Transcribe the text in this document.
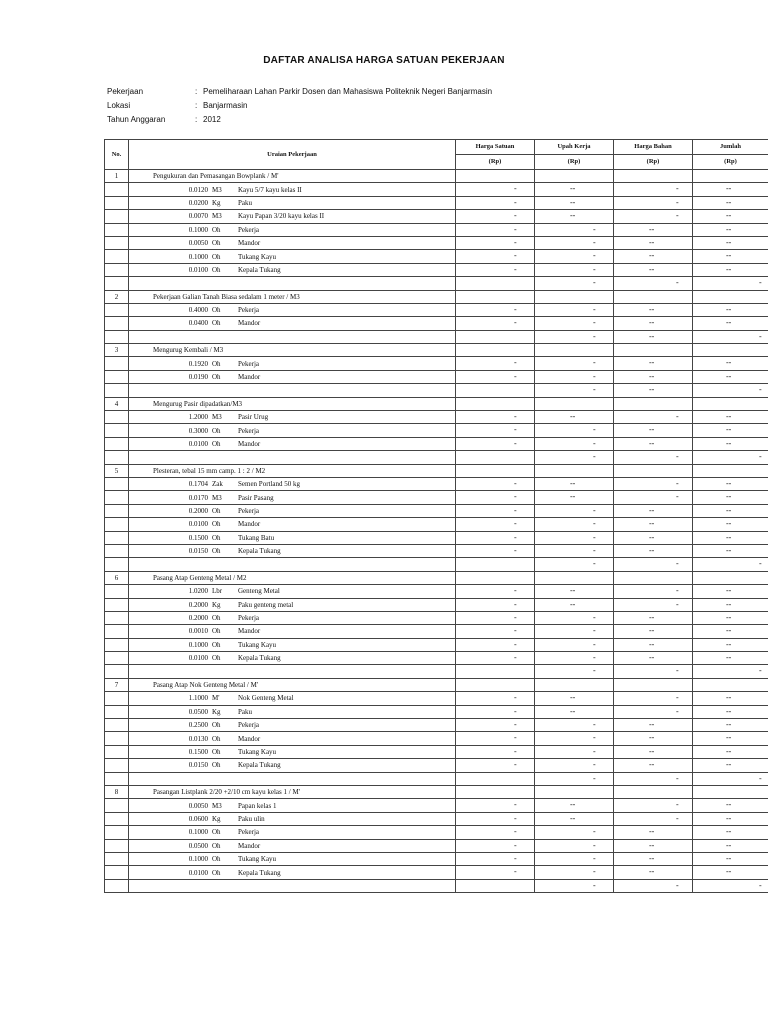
DAFTAR ANALISA HARGA SATUAN PEKERJAAN
Pekerjaan	: Pemeliharaan Lahan Parkir Dosen dan Mahasiswa Politeknik Negeri Banjarmasin
Lokasi	: Banjarmasin
Tahun Anggaran	: 2012
No.	Uraian Pekerjaan	Harga Satuan	Upah Kerja	Harga Bahan	Jumlah
		(Rp)	(Rp)	(Rp)	(Rp)
1	Pengukuran dan Pemasangan Bowplank / M'				
	0.0120 M3 Kayu 5/7 kayu kelas II	-	--	-	--

	0.0200 Kg Paku	-	--	-	--

	0.0070 M3 Kayu Papan 3/20 kayu kelas II	-	--	-	--

	0.1000 Oh Pekerja	-	-	--	--

	0.0050 Oh Mandor	-	-	--	--

	0.1000 Oh Tukang Kayu	-	-	--	--

	0.0100 Oh Kepala Tukang	-	-	--	--

			-	-	-

2	Pekerjaan Galian Tanah Biasa sedalam 1 meter / M3				
	0.4000 Oh Pekerja	-	-	--	--

	0.0400 Oh Mandor	-	-	--	--

			-	--	-

3	Mengurug Kembali / M3				
	0.1920 Oh Pekerja	-	-	--	--

	0.0190 Oh Mandor	-	-	--	--

			-	--	-

4	Mengurug Pasir dipadatkan/M3				
	1.2000 M3 Pasir Urug	-	--	-	--

	0.3000 Oh Pekerja	-	-	--	--

	0.0100 Oh Mandor	-	-	--	--

			-	-	-

5	Plesteran, tebal 15 mm camp. 1 : 2 / M2				
	0.1704 Zak Semen Portland 50 kg	-	--	-	--

	0.0170 M3 Pasir Pasang	-	--	-	--

	0.2000 Oh Pekerja	-	-	--	--

	0.0100 Oh Mandor	-	-	--	--

	0.1500 Oh Tukang Batu	-	-	--	--

	0.0150 Oh Kepala Tukang	-	-	--	--

			-	-	-

6	Pasang Atap Genteng Metal / M2				
	1.0200 Lbr Genteng Metal	-	--	-	--

	0.2000 Kg Paku genteng metal	-	--	-	--

	0.2000 Oh Pekerja	-	-	--	--

	0.0010 Oh Mandor	-	-	--	--

	0.1000 Oh Tukang Kayu	-	-	--	--

	0.0100 Oh Kepala Tukang	-	-	--	--

			-	-	-

7	Pasang Atap Nok Genteng Metal / M'				
	1.1000 M' Nok Genteng Metal	-	--	-	--

	0.0500 Kg Paku	-	--	-	--

	0.2500 Oh Pekerja	-	-	--	--

	0.0130 Oh Mandor	-	-	--	--

	0.1500 Oh Tukang Kayu	-	-	--	--

	0.0150 Oh Kepala Tukang	-	-	--	--

			-	-	-

8	Pasangan Listplank 2/20 +2/10 cm kayu kelas 1 / M'				
	0.0050 M3 Papan kelas 1	-	--	-	--

	0.0600 Kg Paku ulin	-	--	-	--

	0.1000 Oh Pekerja	-	-	--	--

	0.0500 Oh Mandor	-	-	--	--

	0.1000 Oh Tukang Kayu	-	-	--	--

	0.0100 Oh Kepala Tukang	-	-	--	--

			-	-	-
